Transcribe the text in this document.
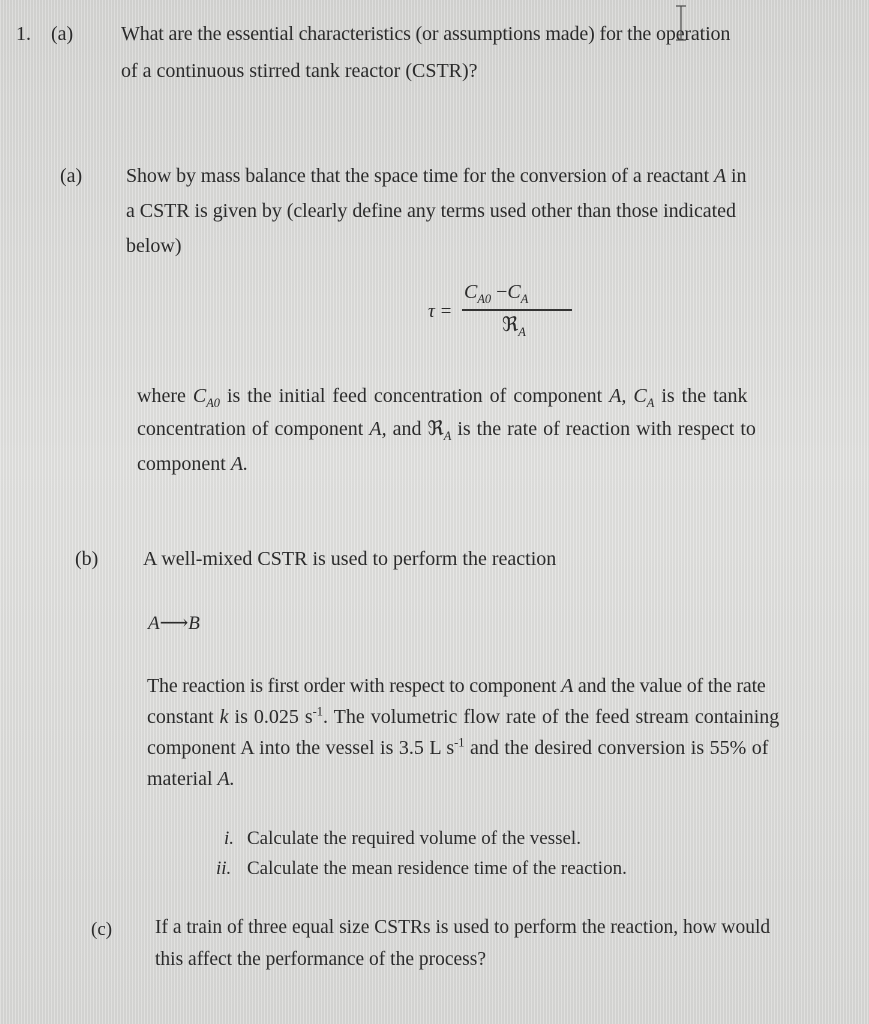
1. (a) What are the essential characteristics (or assumptions made) for the operation
of a continuous stirred tank reactor (CSTR)?
(a) Show by mass balance that the space time for the conversion of a reactant A in
a CSTR is given by (clearly define any terms used other than those indicated
below)
τ =
$C_{A0} -C_A$
ℜ$_A$
where $C_{A0}$ is the initial feed concentration of component A, $C_A$ is the tank
concentration of component A, and ℜ$_A$ is the rate of reaction with respect to
component A.
(b) A well-mixed CSTR is used to perform the reaction
A⟶B
The reaction is first order with respect to component A and the value of the rate
constant k is 0.025 $s^{-1}$. The volumetric flow rate of the feed stream containing
component A into the vessel is 3.5 L $s^{-1}$ and the desired conversion is 55% of
material A.
i. Calculate the required volume of the vessel.
ii. Calculate the mean residence time of the reaction.
(c) If a train of three equal size CSTRs is used to perform the reaction, how would
this affect the performance of the process?
